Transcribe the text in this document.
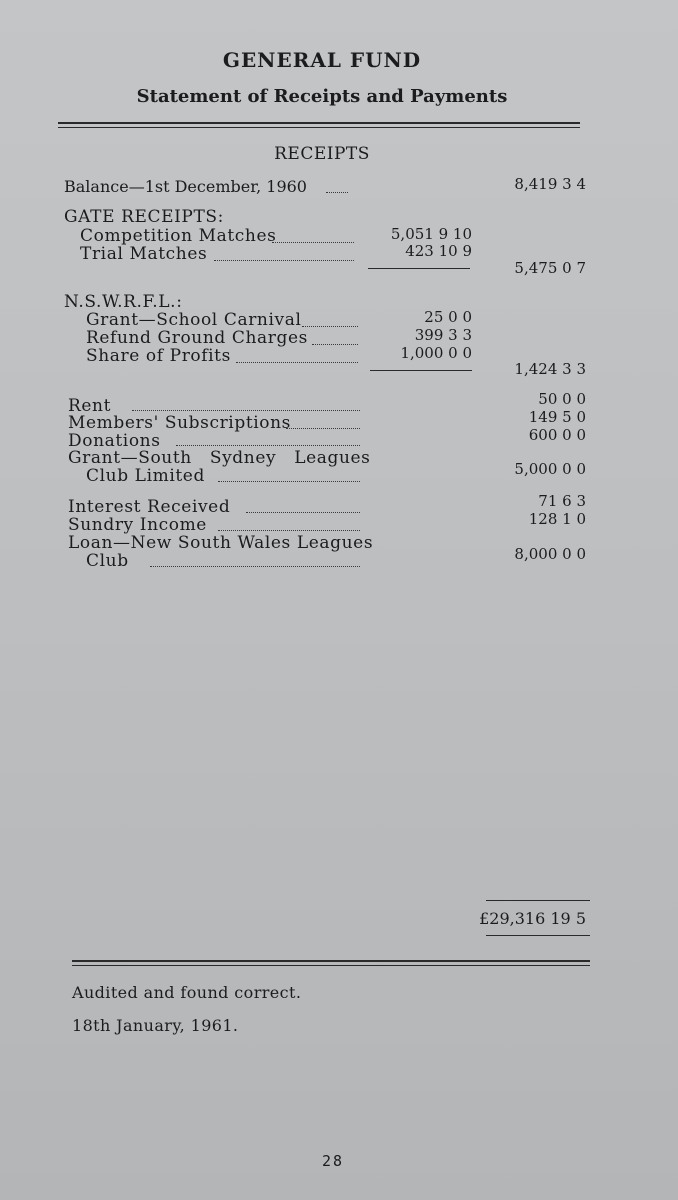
GENERAL FUND
Statement of Receipts and Payments
RECEIPTS
Balance—1st December, 1960	8,419 3 4
GATE RECEIPTS:
Competition Matches	5,051 9 10
Trial Matches	423 10 9
5,475 0 7
N.S.W.R.F.L.:
Grant—School Carnival	25 0 0
Refund Ground Charges	399 3 3
Share of Profits	1,000 0 0
1,424 3 3
Rent	50 0 0
Members' Subscriptions	149 5 0
Donations	600 0 0
Grant—South   Sydney   Leagues
Club Limited	5,000 0 0
Interest Received	71 6 3
Sundry Income	128 1 0
Loan—New South Wales Leagues
Club	8,000 0 0
£29,316 19 5
Audited and found correct.
18th January, 1961.
28
